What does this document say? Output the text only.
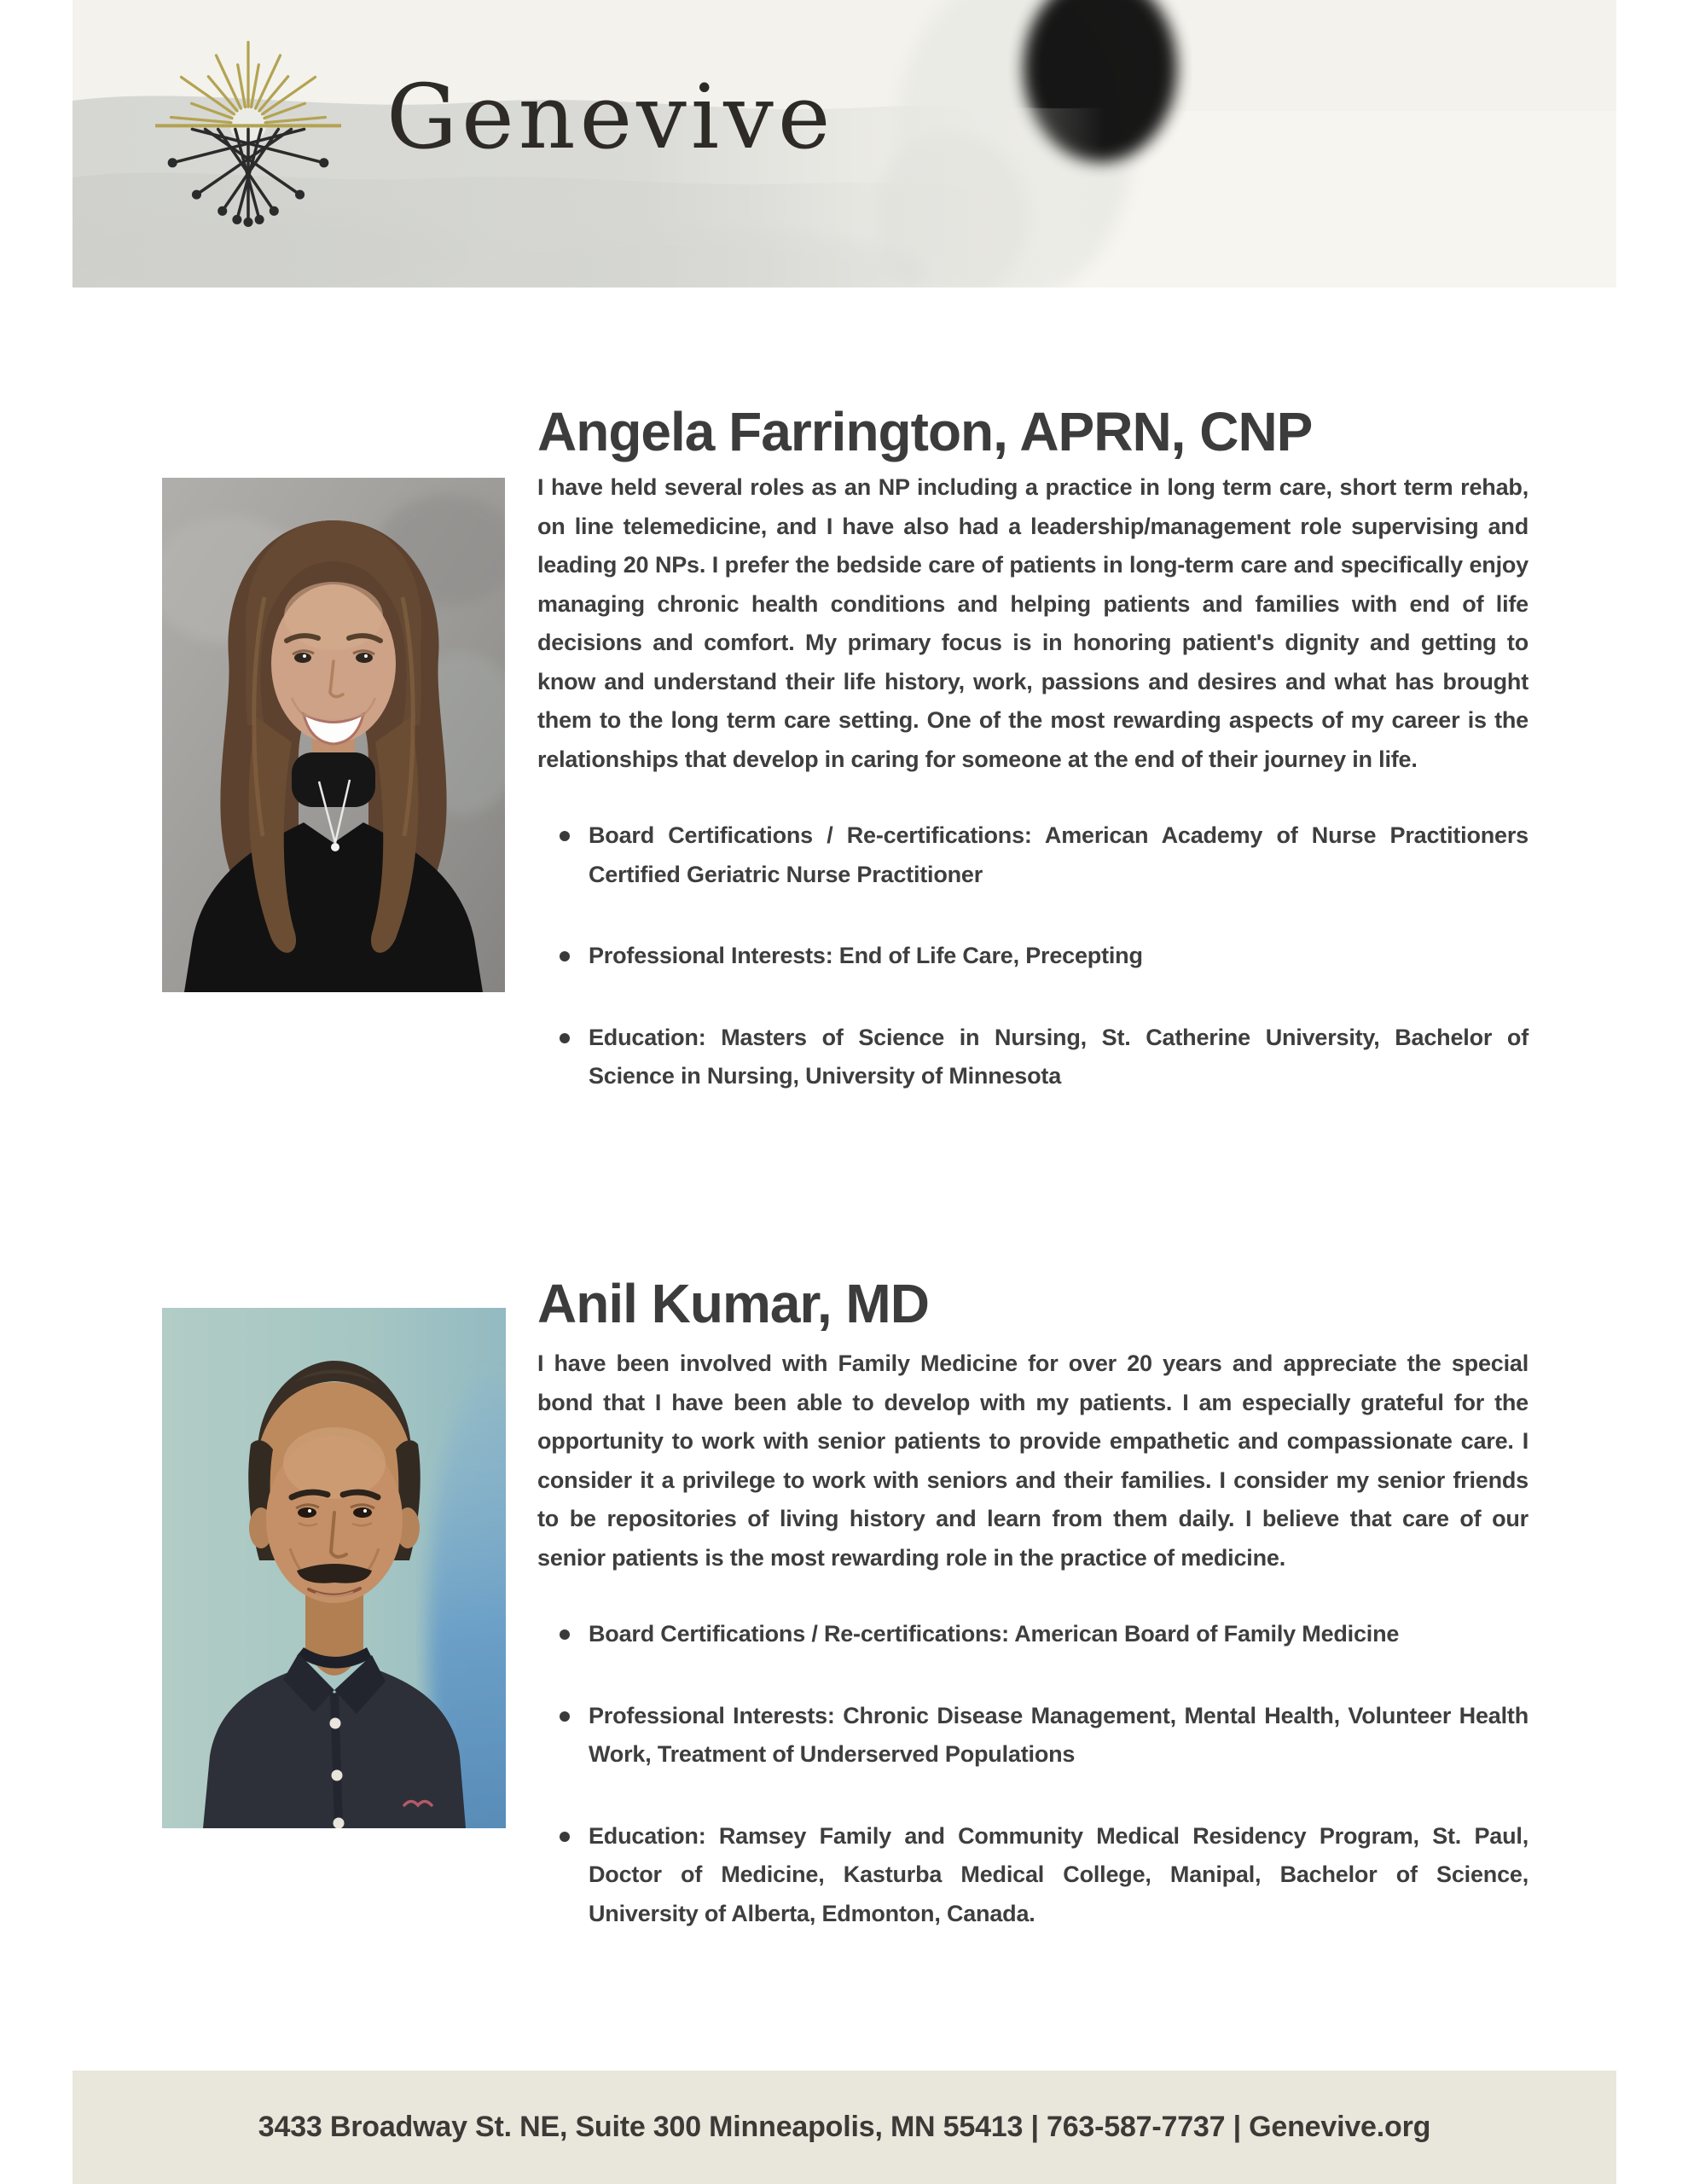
Genevive
Angela Farrington, APRN, CNP

I have held several roles as an NP including a practice in long term care, short term rehab, on line telemedicine, and I have also had a leadership/management role supervising and leading 20 NPs. I prefer the bedside care of patients in long-term care and specifically enjoy managing chronic health conditions and helping patients and families with end of life decisions and comfort. My primary focus is in honoring patient's dignity and getting to know and understand their life history, work, passions and desires and what has brought them to the long term care setting. One of the most rewarding aspects of my career is the relationships that develop in caring for someone at the end of their journey in life.

Board Certifications / Re-certifications: American Academy of Nurse Practitioners Certified Geriatric Nurse Practitioner
Professional Interests: End of Life Care, Precepting
Education: Masters of Science in Nursing, St. Catherine University, Bachelor of Science in Nursing, University of Minnesota
Anil Kumar, MD

I have been involved with Family Medicine for over 20 years and appreciate the special bond that I have been able to develop with my patients. I am especially grateful for the opportunity to work with senior patients to provide empathetic and compassionate care. I consider it a privilege to work with seniors and their families. I consider my senior friends to be repositories of living history and learn from them daily. I believe that care of our senior patients is the most rewarding role in the practice of medicine.

Board Certifications / Re-certifications: American Board of Family Medicine
Professional Interests: Chronic Disease Management, Mental Health, Volunteer Health Work, Treatment of Underserved Populations
Education: Ramsey Family and Community Medical Residency Program, St. Paul, Doctor of Medicine, Kasturba Medical College, Manipal, Bachelor of Science, University of Alberta, Edmonton, Canada.
3433 Broadway St. NE, Suite 300 Minneapolis, MN 55413 | 763-587-7737 | Genevive.org
